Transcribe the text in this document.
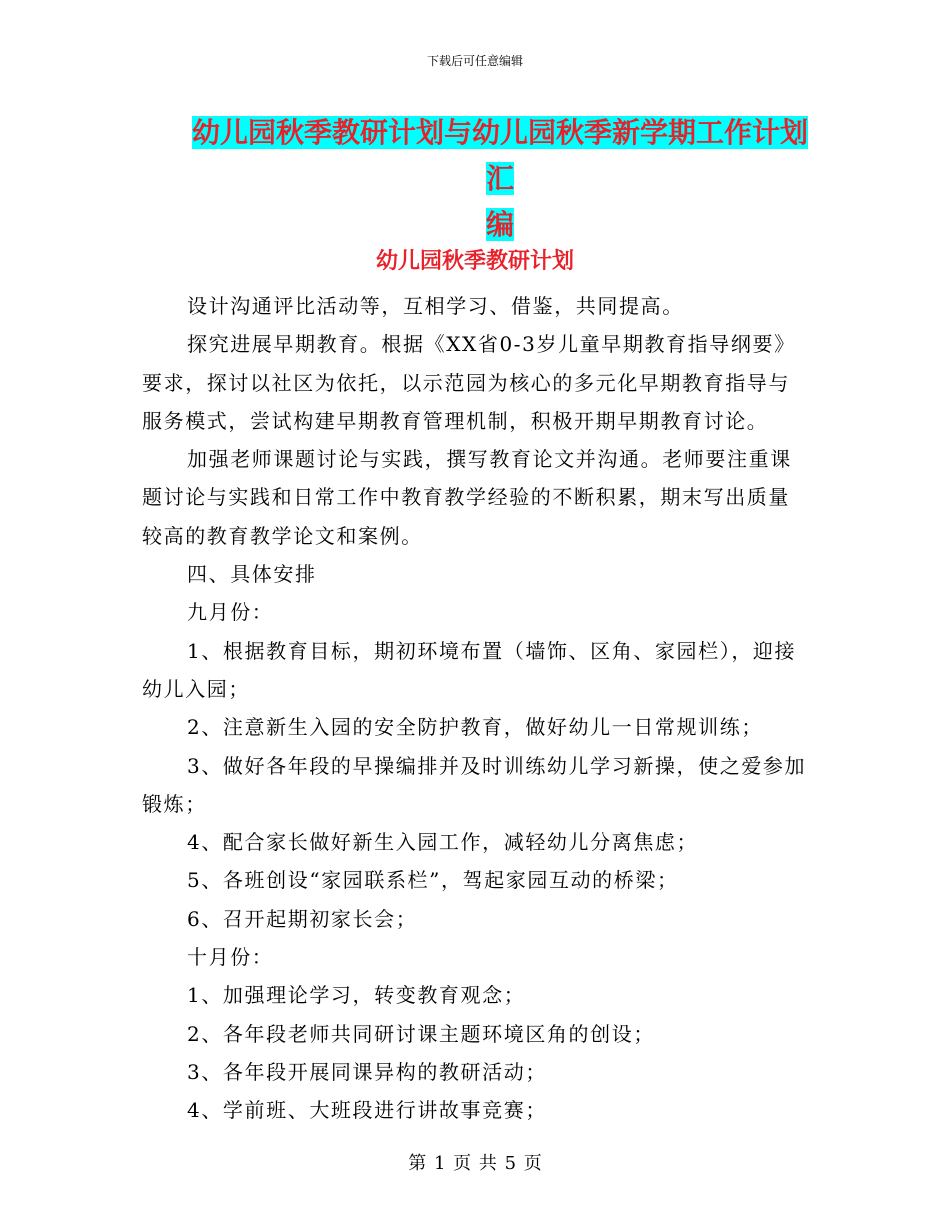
下载后可任意编辑
幼儿园秋季教研计划与幼儿园秋季新学期工作计划汇
编
幼儿园秋季教研计划

设计沟通评比活动等，互相学习、借鉴，共同提高。

探究进展早期教育。根据《XX省0-3岁儿童早期教育指导纲要》要求，探讨以社区为依托，以示范园为核心的多元化早期教育指导与服务模式，尝试构建早期教育管理机制，积极开期早期教育讨论。

加强老师课题讨论与实践，撰写教育论文并沟通。老师要注重课题讨论与实践和日常工作中教育教学经验的不断积累，期末写出质量较高的教育教学论文和案例。

四、具体安排

九月份：

1、根据教育目标，期初环境布置（墙饰、区角、家园栏），迎接幼儿入园；

2、注意新生入园的安全防护教育，做好幼儿一日常规训练；

3、做好各年段的早操编排并及时训练幼儿学习新操，使之爱参加锻炼；

4、配合家长做好新生入园工作，减轻幼儿分离焦虑；

5、各班创设“家园联系栏”，驾起家园互动的桥梁；

6、召开起期初家长会；

十月份：

1、加强理论学习，转变教育观念；

2、各年段老师共同研讨课主题环境区角的创设；

3、各年段开展同课异构的教研活动；

4、学前班、大班段进行讲故事竞赛；

第 1 页 共 5 页
